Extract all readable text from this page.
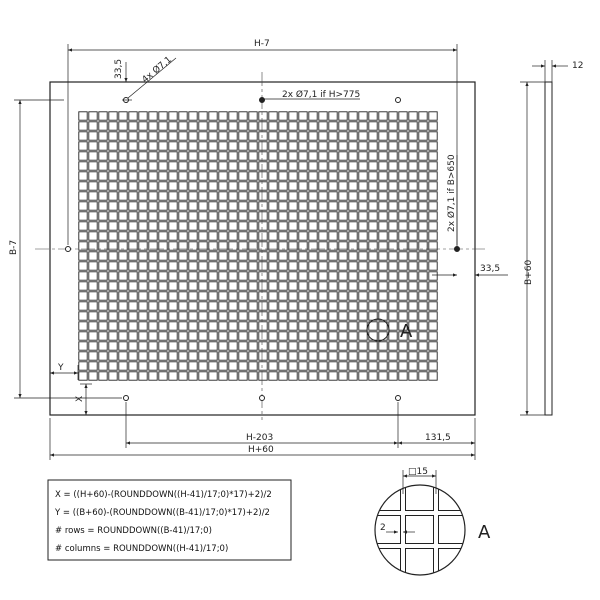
H-7
33,5 4x Ø7,1
2x Ø7,1 if H>775
2x Ø7,1 if B>650
33,5
B-7
Y
X
H-203	131,5
H+60
B+60
12
A
X = ((H+60)-(ROUNDDOWN((H-41)/17;0)*17)+2)/2
Y = ((B+60)-(ROUNDDOWN((B-41)/17;0)*17)+2)/2
# rows = ROUNDDOWN((B-41)/17;0)
# columns = ROUNDDOWN((H-41)/17;0)
A
□15
2
